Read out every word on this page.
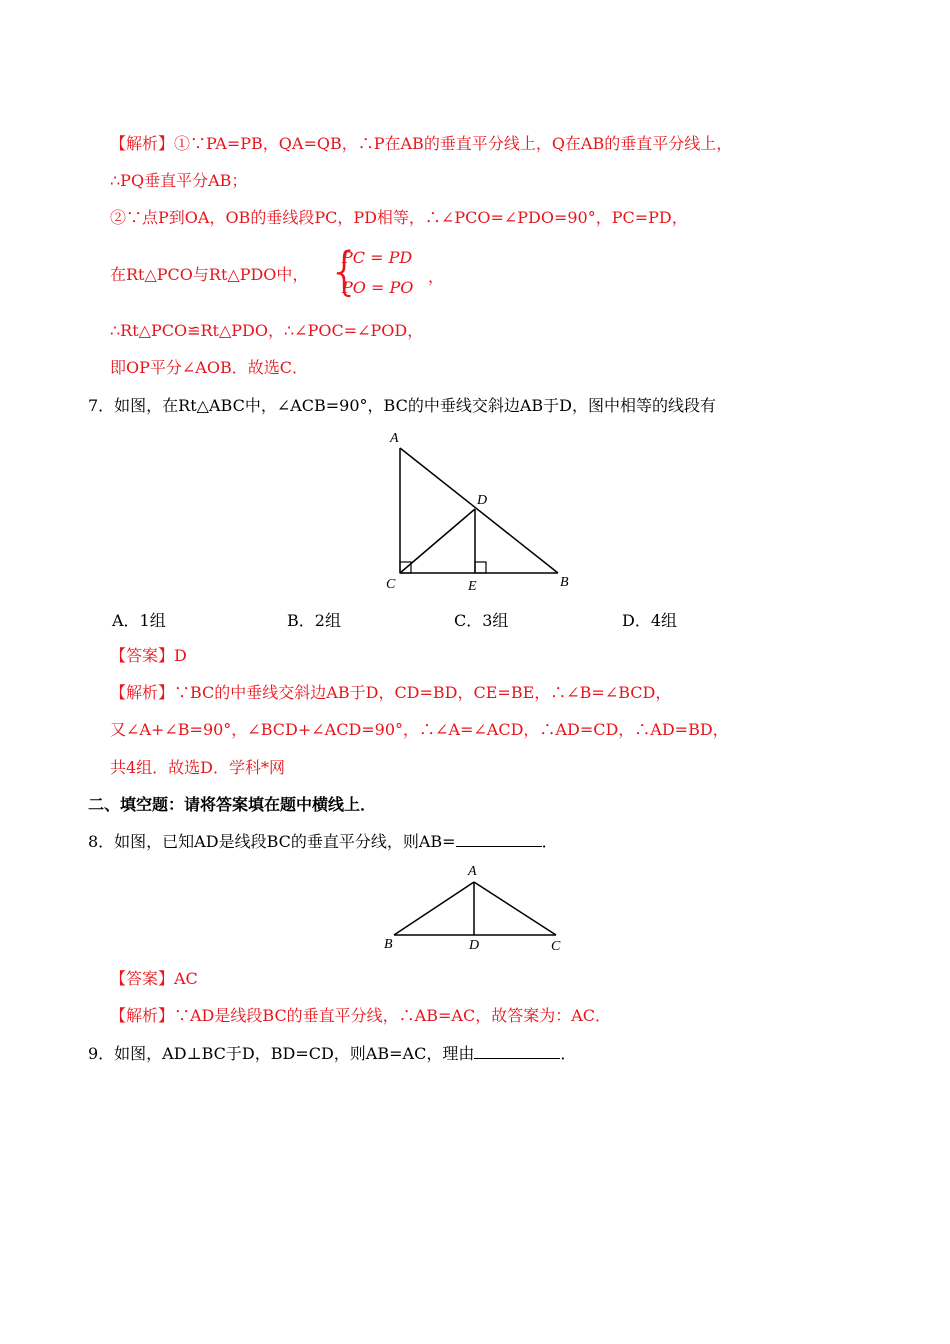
【解析】①∵PA=PB，QA=QB，∴P在AB的垂直平分线上，Q在AB的垂直平分线上，
∴PQ垂直平分AB；
②∵点P到OA，OB的垂线段PC，PD相等，∴∠PCO=∠PDO=90°，PC=PD，
在Rt△PCO与Rt△PDO中， {
PC = PD
PO = PO
，
∴Rt△PCO≌Rt△PDO，∴∠POC=∠POD，
即OP平分∠AOB．故选C．
7．如图，在Rt△ABC中，∠ACB=90°，BC的中垂线交斜边AB于D，图中相等的线段有
A
D
C	E	B
A．1组	B．2组	C．3组	D．4组
【答案】D
【解析】∵BC的中垂线交斜边AB于D，CD=BD，CE=BE，∴∠B=∠BCD，
又∠A+∠B=90°，∠BCD+∠ACD=90°，∴∠A=∠ACD，∴AD=CD，∴AD=BD，
共4组．故选D．学科*网
二、填空题：请将答案填在题中横线上．
8．如图，已知AD是线段BC的垂直平分线，则AB=	．
A
B	D	C
【答案】AC
【解析】∵AD是线段BC的垂直平分线，∴AB=AC，故答案为：AC．
9．如图，AD⊥BC于D，BD=CD，则AB=AC，理由	．
